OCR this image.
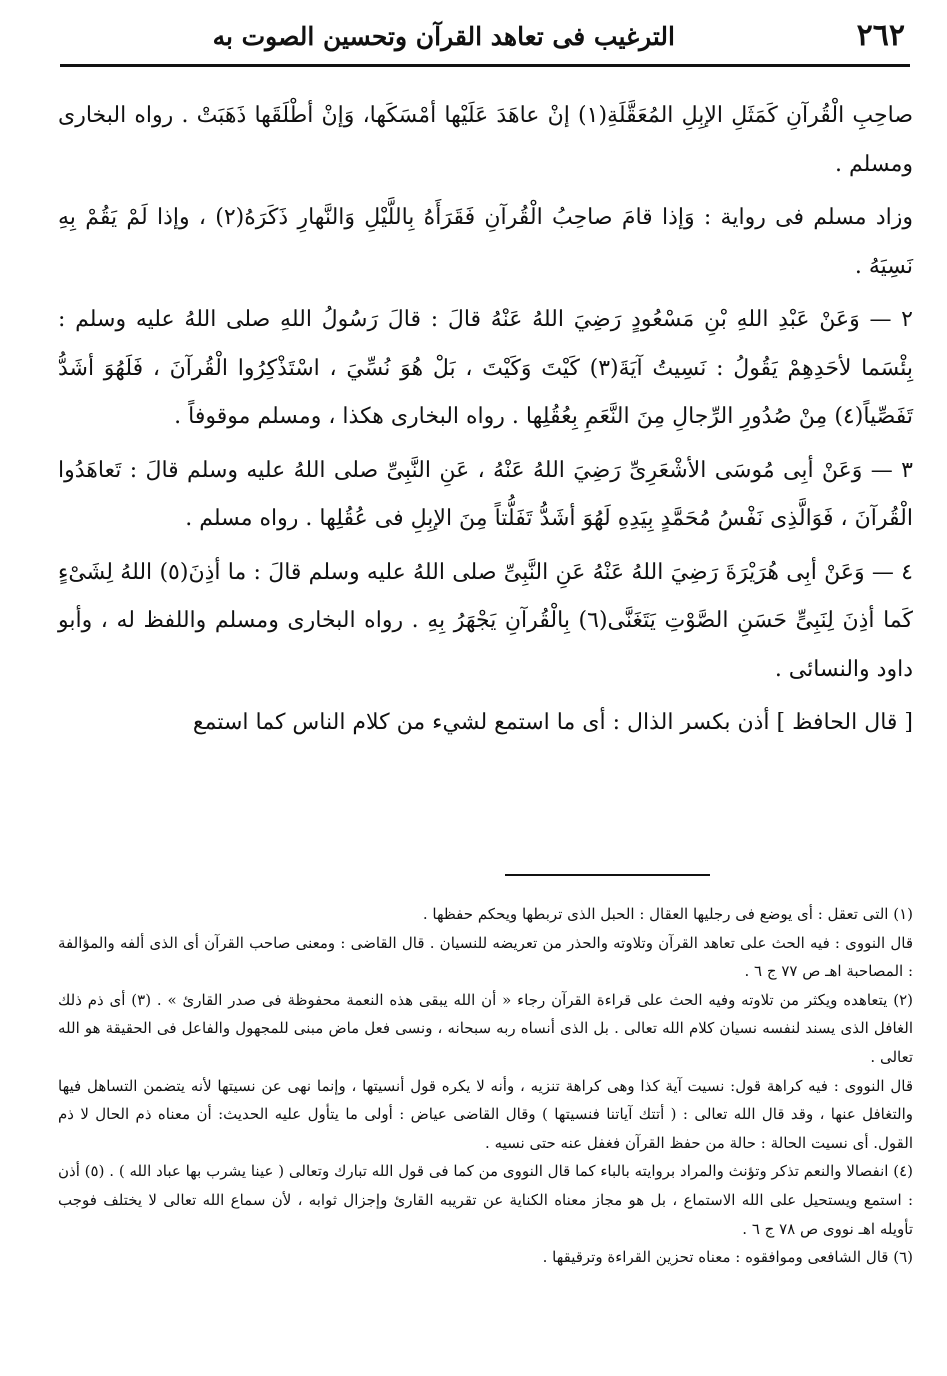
٢٦٢
الترغيب فى تعاهد القرآن وتحسين الصوت به

صاحِبِ الْقُرآنِ كَمَثَلِ الإبِلِ المُعَقَّلَةِ(١) إنْ عاهَدَ عَلَيْها أمْسَكَها، وَإنْ أطْلَقَها ذَهَبَتْ . رواه البخارى ومسلم .

وزاد مسلم فى رواية : وَإذا قامَ صاحِبُ الْقُرآنِ فَقَرَأَهُ بِاللَّيْلِ وَالنَّهارِ ذَكَرَهُ(٢) ، وإذا لَمْ يَقُمْ بِهِ نَسِيَهُ .

٢ — وَعَنْ عَبْدِ اللهِ بْنِ مَسْعُودٍ رَضِيَ اللهُ عَنْهُ قالَ : قالَ رَسُولُ اللهِ صلى اللهُ عليه وسلم : بِئْسَما لأحَدِهِمْ يَقُولُ : نَسِيتُ آيَةَ(٣) كَيْتَ وَكَيْتَ ، بَلْ هُوَ نُسِّيَ ، اسْتَذْكِرُوا الْقُرآنَ ، فَلَهُوَ أشَدُّ تَفَصِّياً(٤) مِنْ صُدُورِ الرِّجالِ مِنَ النَّعَمِ بِعُقُلِها . رواه البخارى هكذا ، ومسلم موقوفاً .

٣ — وَعَنْ أبِى مُوسَى الأشْعَرِىِّ رَضِيَ اللهُ عَنْهُ ، عَنِ النَّبِىِّ صلى اللهُ عليه وسلم قالَ : تَعاهَدُوا الْقُرآنَ ، فَوَالَّذِى نَفْسُ مُحَمَّدٍ بِيَدِهِ لَهُوَ أشَدُّ تَفَلُّتاً مِنَ الإبِلِ فى عُقُلِها . رواه مسلم .

٤ — وَعَنْ أبِى هُرَيْرَةَ رَضِيَ اللهُ عَنْهُ عَنِ النَّبِىِّ صلى اللهُ عليه وسلم قالَ : ما أذِنَ(٥) اللهُ لِشَىْءٍ كَما أذِنَ لِنَبِىٍّ حَسَنِ الصَّوْتِ يَتَغَنَّى(٦) بِالْقُرآنِ يَجْهَرُ بِهِ . رواه البخارى ومسلم واللفظ له ، وأبو داود والنسائى .

[ قال الحافظ ] أذن بكسر الذال : أى ما استمع لشيء من كلام الناس كما استمع

(١) التى تعقل : أى يوضع فى رجليها العقال : الحبل الذى تربطها ويحكم حفظها .

قال النووى : فيه الحث على تعاهد القرآن وتلاوته والحذر من تعريضه للنسيان . قال القاضى : ومعنى صاحب القرآن أى الذى ألفه والمؤالفة : المصاحبة اهـ ص ٧٧ ج ٦ .

(٢) يتعاهده ويكثر من تلاوته وفيه الحث على قراءة القرآن رجاء « أن الله يبقى هذه النعمة محفوظة فى صدر القارئ » . (٣) أى ذم ذلك الغافل الذى يسند لنفسه نسيان كلام الله تعالى . بل الذى أنساه ربه سبحانه ، ونسى فعل ماض مبنى للمجهول والفاعل فى الحقيقة هو الله تعالى .

قال النووى : فيه كراهة قول: نسيت آية كذا وهى كراهة تنزيه ، وأنه لا يكره قول أنسيتها ، وإنما نهى عن نسيتها لأنه يتضمن التساهل فيها والتغافل عنها ، وقد قال الله تعالى : ( أتتك آياتنا فنسيتها ) وقال القاضى عياض : أولى ما يتأول عليه الحديث: أن معناه ذم الحال لا ذم القول. أى نسيت الحالة : حالة من حفظ القرآن فغفل عنه حتى نسيه .

(٤) انفصالا والنعم تذكر وتؤنث والمراد بروايته بالباء كما قال النووى من كما فى قول الله تبارك وتعالى ( عينا يشرب بها عباد الله ) . (٥) أذن : استمع ويستحيل على الله الاستماع ، بل هو مجاز معناه الكناية عن تقريبه القارئ وإجزال ثوابه ، لأن سماع الله تعالى لا يختلف فوجب تأويله اهـ نووى ص ٧٨ ج ٦ .

(٦) قال الشافعى وموافقوه : معناه تحزين القراءة وترقيقها .
